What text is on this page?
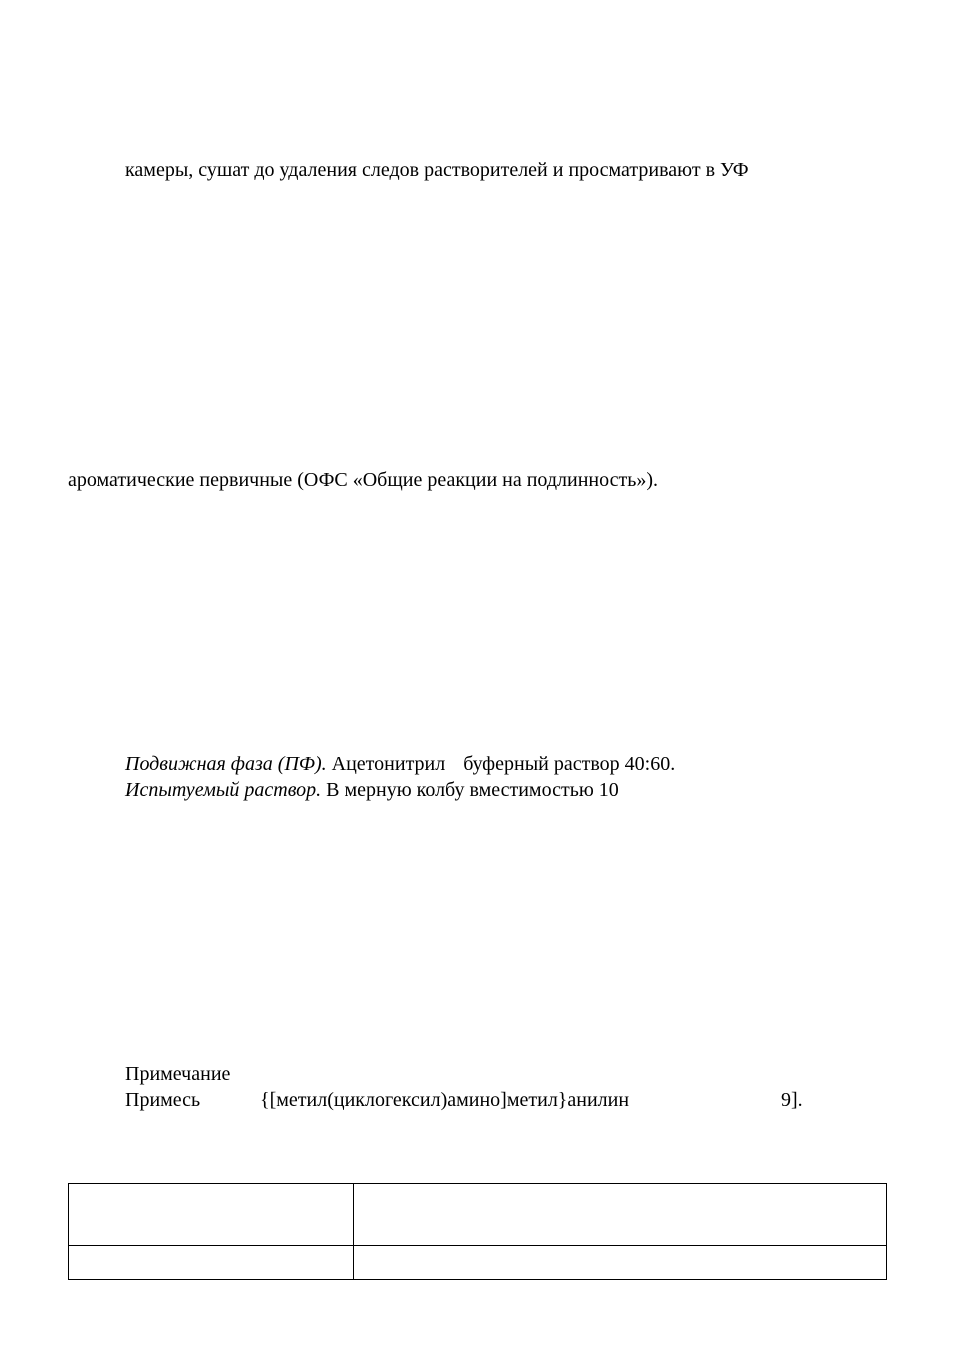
камеры, сушат до удаления следов растворителей и просматривают в УФ
ароматические первичные (ОФС «Общие реакции на подлинность»).
Подвижная фаза (ПФ). Ацетонитрил буферный раствор 40:60.
Испытуемый раствор. В мерную колбу вместимостью 10
Примечание
Примесь	{[метил(циклогексил)амино]метил}анилин	9].
